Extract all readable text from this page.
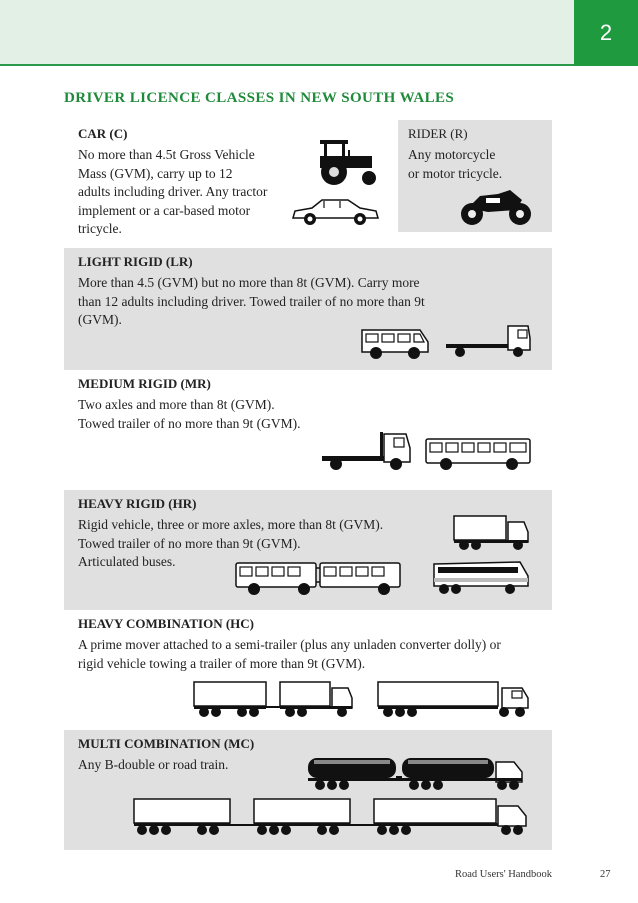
2
DRIVER LICENCE CLASSES IN NEW SOUTH WALES
CAR (C)
No more than 4.5t Gross Vehicle
Mass (GVM), carry up to 12
adults including driver. Any tractor
implement or a car-based motor
tricycle.
RIDER (R)
Any motorcycle
or motor tricycle.
LIGHT RIGID (LR)
More than 4.5 (GVM) but no more than 8t (GVM). Carry more
than 12 adults including driver. Towed trailer of no more than 9t
(GVM).
MEDIUM RIGID (MR)
Two axles and more than 8t (GVM).
Towed trailer of no more than 9t (GVM).
HEAVY RIGID (HR)
Rigid vehicle, three or more axles, more than 8t (GVM).
Towed trailer of no more than 9t (GVM).
Articulated buses.
HEAVY COMBINATION (HC)
A prime mover attached to a semi-trailer (plus any unladen converter dolly) or
rigid vehicle towing a trailer of more than 9t (GVM).
MULTI COMBINATION (MC)
Any B-double or road train.
Road Users' Handbook	27
